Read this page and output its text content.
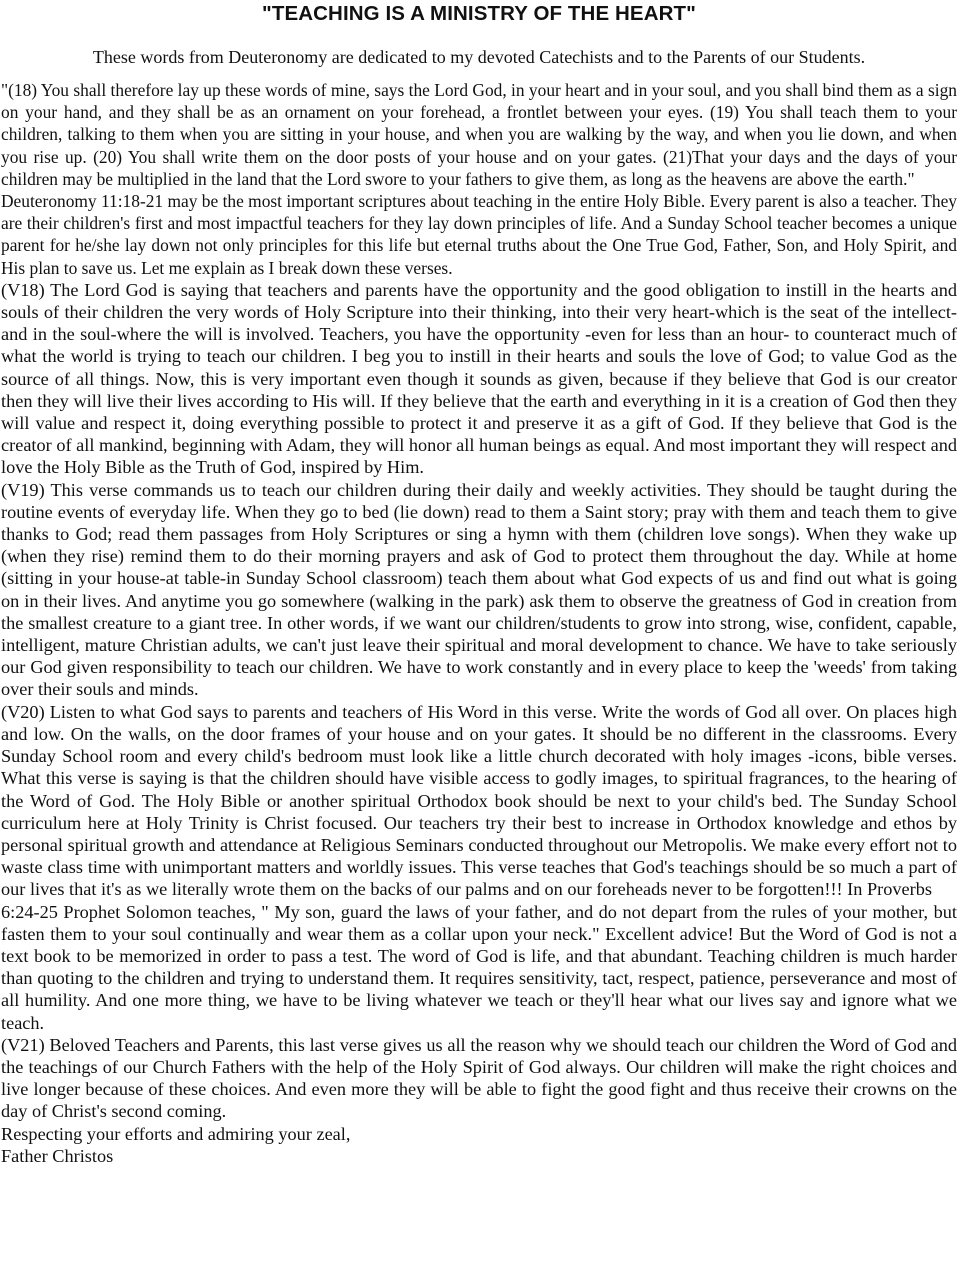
"TEACHING IS A MINISTRY OF THE HEART"

These words from Deuteronomy are dedicated to my devoted Catechists and to the Parents of our Students.

"(18) You shall therefore lay up these words of mine, says the Lord God, in your heart and in your soul, and you shall bind them as a sign on your hand, and they shall be as an ornament on your forehead, a frontlet between your eyes. (19) You shall teach them to your children, talking to them when you are sitting in your house, and when you are walking by the way, and when you lie down, and when you rise up. (20) You shall write them on the door posts of your house and on your gates. (21)That your days and the days of your children may be multiplied in the land that the Lord swore to your fathers to give them, as long as the heavens are above the earth."

Deuteronomy 11:18-21 may be the most important scriptures about teaching in the entire Holy Bible. Every parent is also a teacher. They are their children's first and most impactful teachers for they lay down principles of life. And a Sunday School teacher becomes a unique parent for he/she lay down not only principles for this life but eternal truths about the One True God, Father, Son, and Holy Spirit, and His plan to save us. Let me explain as I break down these verses.

(V18) The Lord God is saying that teachers and parents have the opportunity and the good obligation to instill in the hearts and souls of their children the very words of Holy Scripture into their thinking, into their very heart-which is the seat of the intellect- and in the soul-where the will is involved. Teachers, you have the opportunity -even for less than an hour- to counteract much of what the world is trying to teach our children. I beg you to instill in their hearts and souls the love of God; to value God as the source of all things. Now, this is very important even though it sounds as given, because if they believe that God is our creator then they will live their lives according to His will. If they believe that the earth and everything in it is a creation of God then they will value and respect it, doing everything possible to protect it and preserve it as a gift of God. If they believe that God is the creator of all mankind, beginning with Adam, they will honor all human beings as equal. And most important they will respect and love the Holy Bible as the Truth of God, inspired by Him.

(V19) This verse commands us to teach our children during their daily and weekly activities. They should be taught during the routine events of everyday life. When they go to bed (lie down) read to them a Saint story; pray with them and teach them to give thanks to God; read them passages from Holy Scriptures or sing a hymn with them (children love songs). When they wake up (when they rise) remind them to do their morning prayers and ask of God to protect them throughout the day. While at home (sitting in your house-at table-in Sunday School classroom) teach them about what God expects of us and find out what is going on in their lives. And anytime you go somewhere (walking in the park) ask them to observe the greatness of God in creation from the smallest creature to a giant tree. In other words, if we want our children/students to grow into strong, wise, confident, capable, intelligent, mature Christian adults, we can't just leave their spiritual and moral development to chance. We have to take seriously our God given responsibility to teach our children. We have to work constantly and in every place to keep the 'weeds' from taking over their souls and minds.

(V20) Listen to what God says to parents and teachers of His Word in this verse. Write the words of God all over. On places high and low. On the walls, on the door frames of your house and on your gates. It should be no different in the classrooms. Every Sunday School room and every child's bedroom must look like a little church decorated with holy images -icons, bible verses. What this verse is saying is that the children should have visible access to godly images, to spiritual fragrances, to the hearing of the Word of God. The Holy Bible or another spiritual Orthodox book should be next to your child's bed. The Sunday School curriculum here at Holy Trinity is Christ focused. Our teachers try their best to increase in Orthodox knowledge and ethos by personal spiritual growth and attendance at Religious Seminars conducted throughout our Metropolis. We make every effort not to waste class time with unimportant matters and worldly issues. This verse teaches that God's teachings should be so much a part of our lives that it's as we literally wrote them on the backs of our palms and on our foreheads never to be forgotten!!! In Proverbs

6:24-25 Prophet Solomon teaches, " My son, guard the laws of your father, and do not depart from the rules of your mother, but fasten them to your soul continually and wear them as a collar upon your neck." Excellent advice! But the Word of God is not a text book to be memorized in order to pass a test. The word of God is life, and that abundant. Teaching children is much harder than quoting to the children and trying to understand them. It requires sensitivity, tact, respect, patience, perseverance and most of all humility. And one more thing, we have to be living whatever we teach or they'll hear what our lives say and ignore what we teach.

(V21) Beloved Teachers and Parents, this last verse gives us all the reason why we should teach our children the Word of God and the teachings of our Church Fathers with the help of the Holy Spirit of God always. Our children will make the right choices and live longer because of these choices. And even more they will be able to fight the good fight and thus receive their crowns on the day of Christ's second coming.

Respecting your efforts and admiring your zeal,

Father Christos
